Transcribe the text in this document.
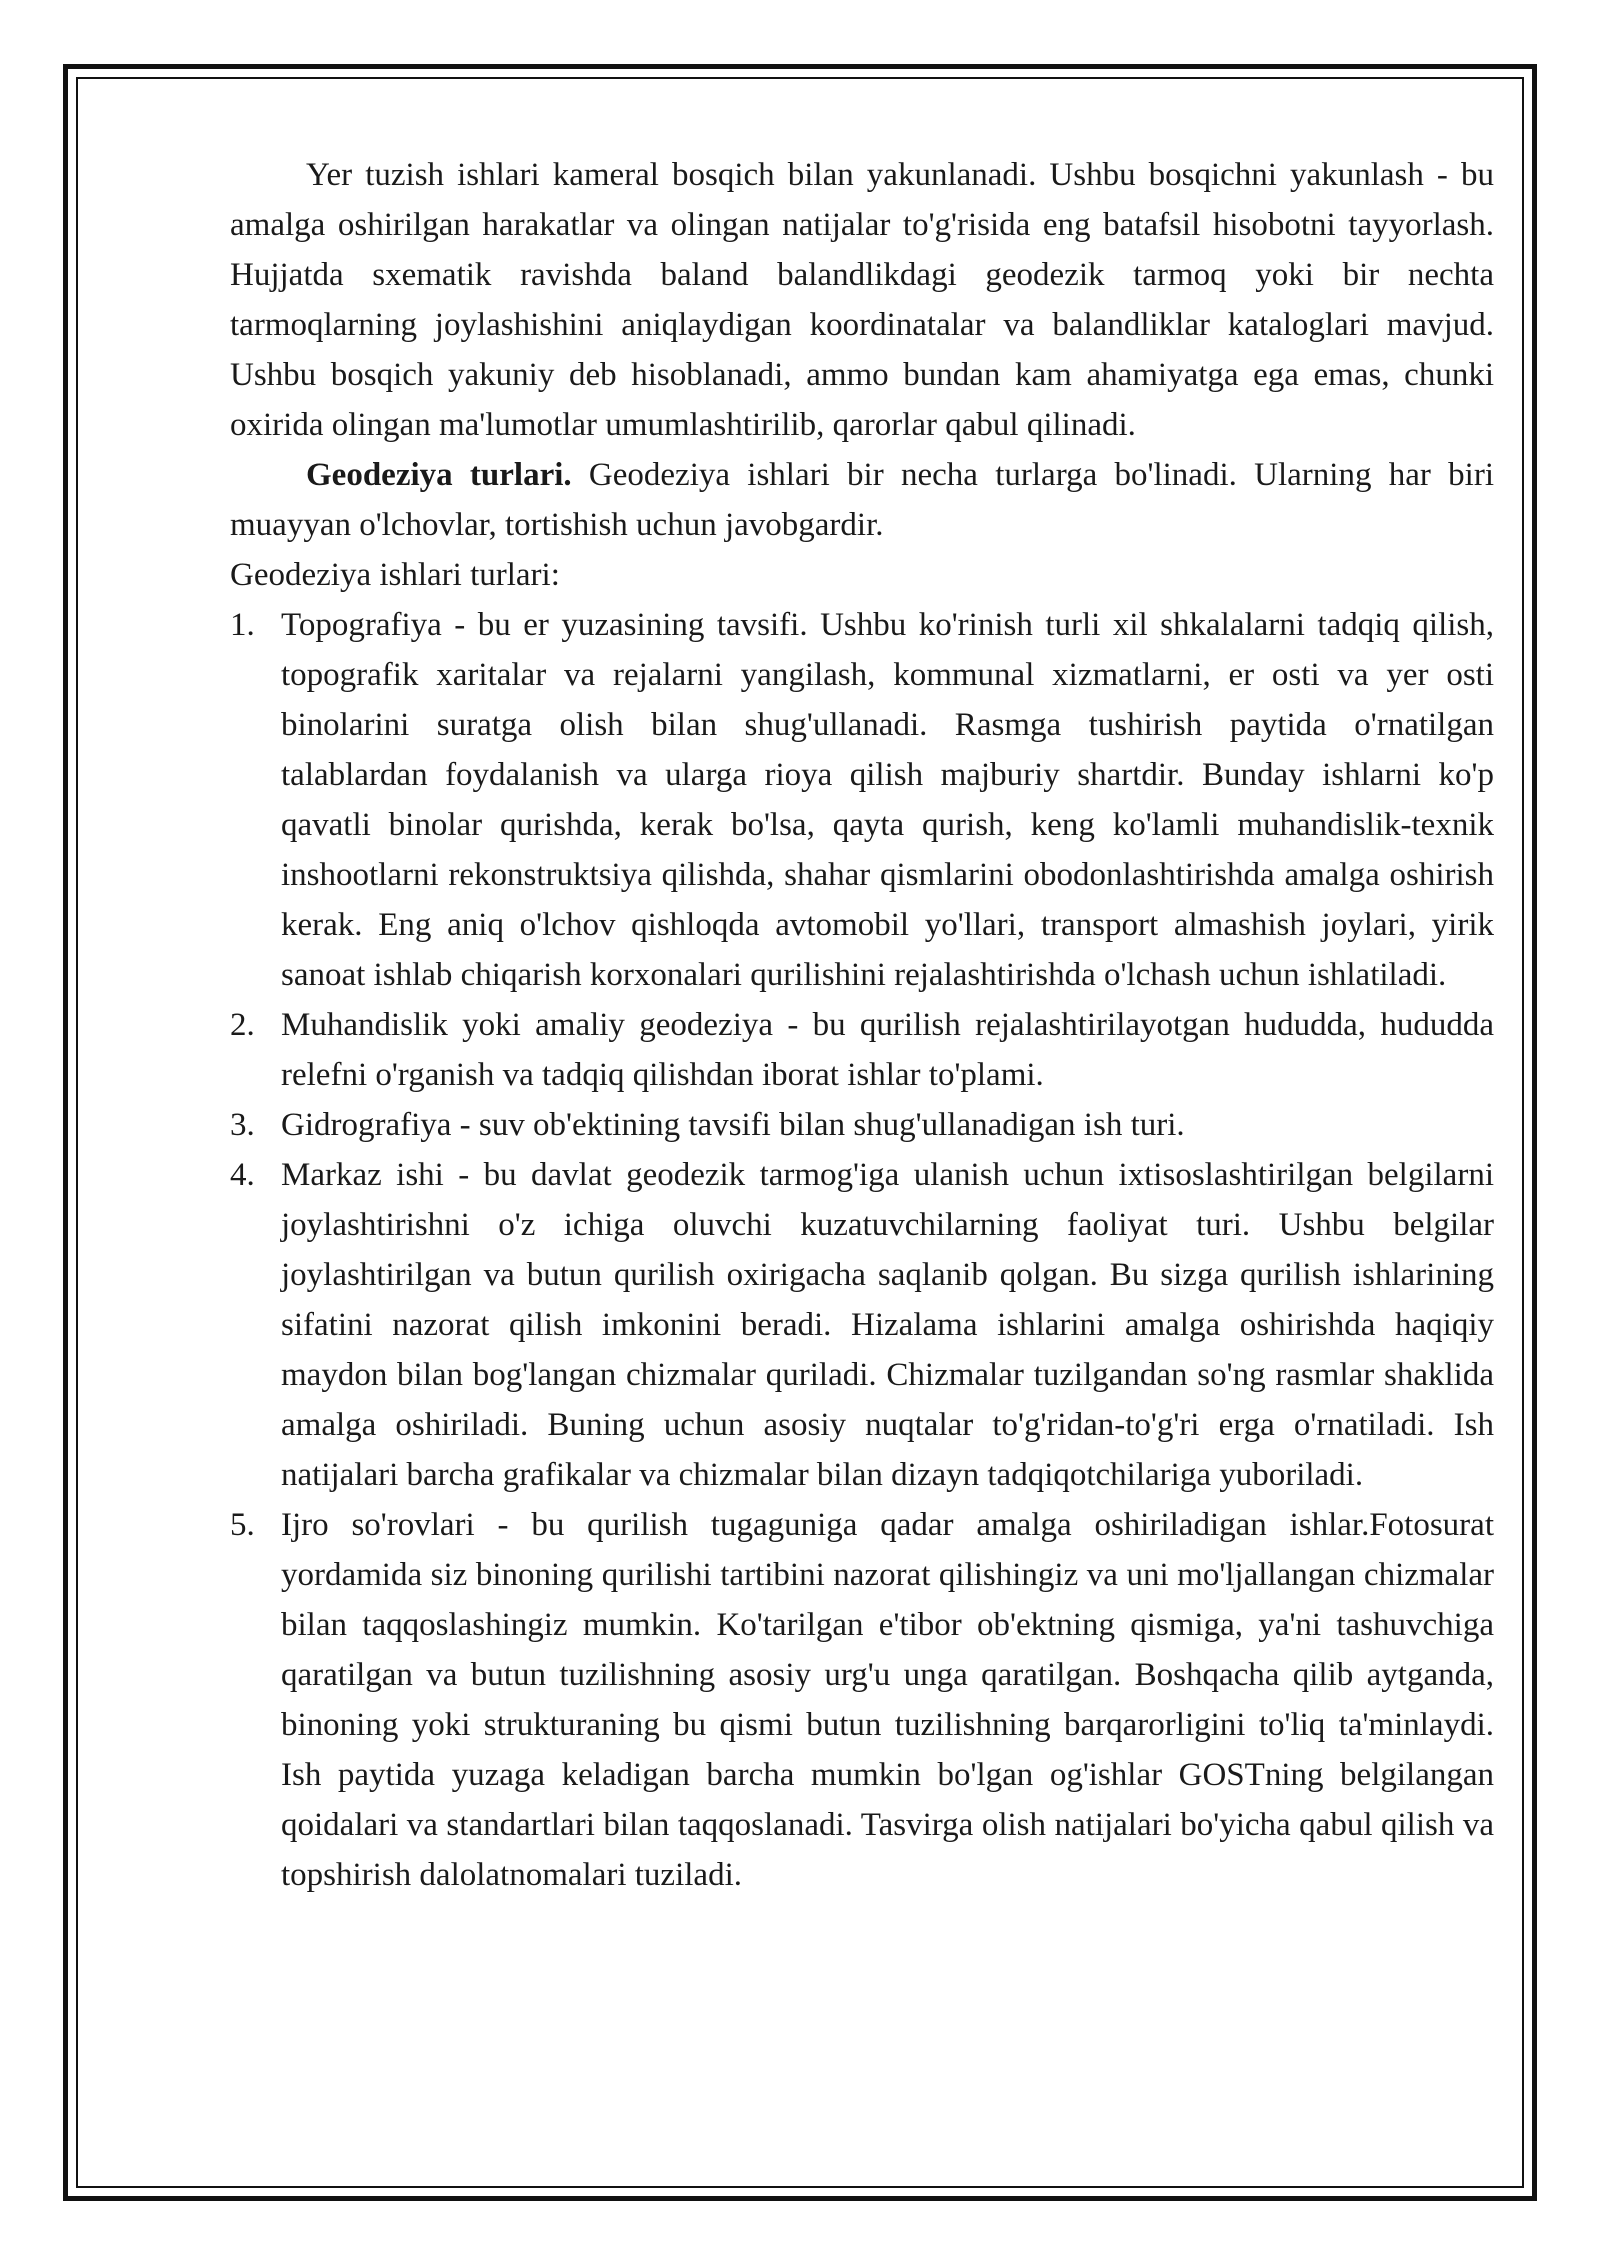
Yer tuzish ishlari kameral bosqich bilan yakunlanadi. Ushbu bosqichni yakunlash - bu amalga oshirilgan harakatlar va olingan natijalar to'g'risida eng batafsil hisobotni tayyorlash. Hujjatda sxematik ravishda baland balandlikdagi geodezik tarmoq yoki bir nechta tarmoqlarning joylashishini aniqlaydigan koordinatalar va balandliklar kataloglari mavjud. Ushbu bosqich yakuniy deb hisoblanadi, ammo bundan kam ahamiyatga ega emas, chunki oxirida olingan ma'lumotlar umumlashtirilib, qarorlar qabul qilinadi.

Geodeziya turlari. Geodeziya ishlari bir necha turlarga bo'linadi. Ularning har biri muayyan o'lchovlar, tortishish uchun javobgardir.

Geodeziya ishlari turlari:

1. Topografiya - bu er yuzasining tavsifi. Ushbu ko'rinish turli xil shkalalarni tadqiq qilish, topografik xaritalar va rejalarni yangilash, kommunal xizmatlarni, er osti va yer osti binolarini suratga olish bilan shug'ullanadi. Rasmga tushirish paytida o'rnatilgan talablardan foydalanish va ularga rioya qilish majburiy shartdir. Bunday ishlarni ko'p qavatli binolar qurishda, kerak bo'lsa, qayta qurish, keng ko'lamli muhandislik-texnik inshootlarni rekonstruktsiya qilishda, shahar qismlarini obodonlashtirishda amalga oshirish kerak. Eng aniq o'lchov qishloqda avtomobil yo'llari, transport almashish joylari, yirik sanoat ishlab chiqarish korxonalari qurilishini rejalashtirishda o'lchash uchun ishlatiladi.
2. Muhandislik yoki amaliy geodeziya - bu qurilish rejalashtirilayotgan hududda, hududda relefni o'rganish va tadqiq qilishdan iborat ishlar to'plami.
3. Gidrografiya - suv ob'ektining tavsifi bilan shug'ullanadigan ish turi.
4. Markaz ishi - bu davlat geodezik tarmog'iga ulanish uchun ixtisoslashtirilgan belgilarni joylashtirishni o'z ichiga oluvchi kuzatuvchilarning faoliyat turi. Ushbu belgilar joylashtirilgan va butun qurilish oxirigacha saqlanib qolgan. Bu sizga qurilish ishlarining sifatini nazorat qilish imkonini beradi. Hizalama ishlarini amalga oshirishda haqiqiy maydon bilan bog'langan chizmalar quriladi. Chizmalar tuzilgandan so'ng rasmlar shaklida amalga oshiriladi. Buning uchun asosiy nuqtalar to'g'ridan-to'g'ri erga o'rnatiladi. Ish natijalari barcha grafikalar va chizmalar bilan dizayn tadqiqotchilariga yuboriladi.
5. Ijro so'rovlari - bu qurilish tugaguniga qadar amalga oshiriladigan ishlar.Fotosurat yordamida siz binoning qurilishi tartibini nazorat qilishingiz va uni mo'ljallangan chizmalar bilan taqqoslashingiz mumkin. Ko'tarilgan e'tibor ob'ektning qismiga, ya'ni tashuvchiga qaratilgan va butun tuzilishning asosiy urg'u unga qaratilgan. Boshqacha qilib aytganda, binoning yoki strukturaning bu qismi butun tuzilishning barqarorligini to'liq ta'minlaydi. Ish paytida yuzaga keladigan barcha mumkin bo'lgan og'ishlar GOSTning belgilangan qoidalari va standartlari bilan taqqoslanadi. Tasvirga olish natijalari bo'yicha qabul qilish va topshirish dalolatnomalari tuziladi.
